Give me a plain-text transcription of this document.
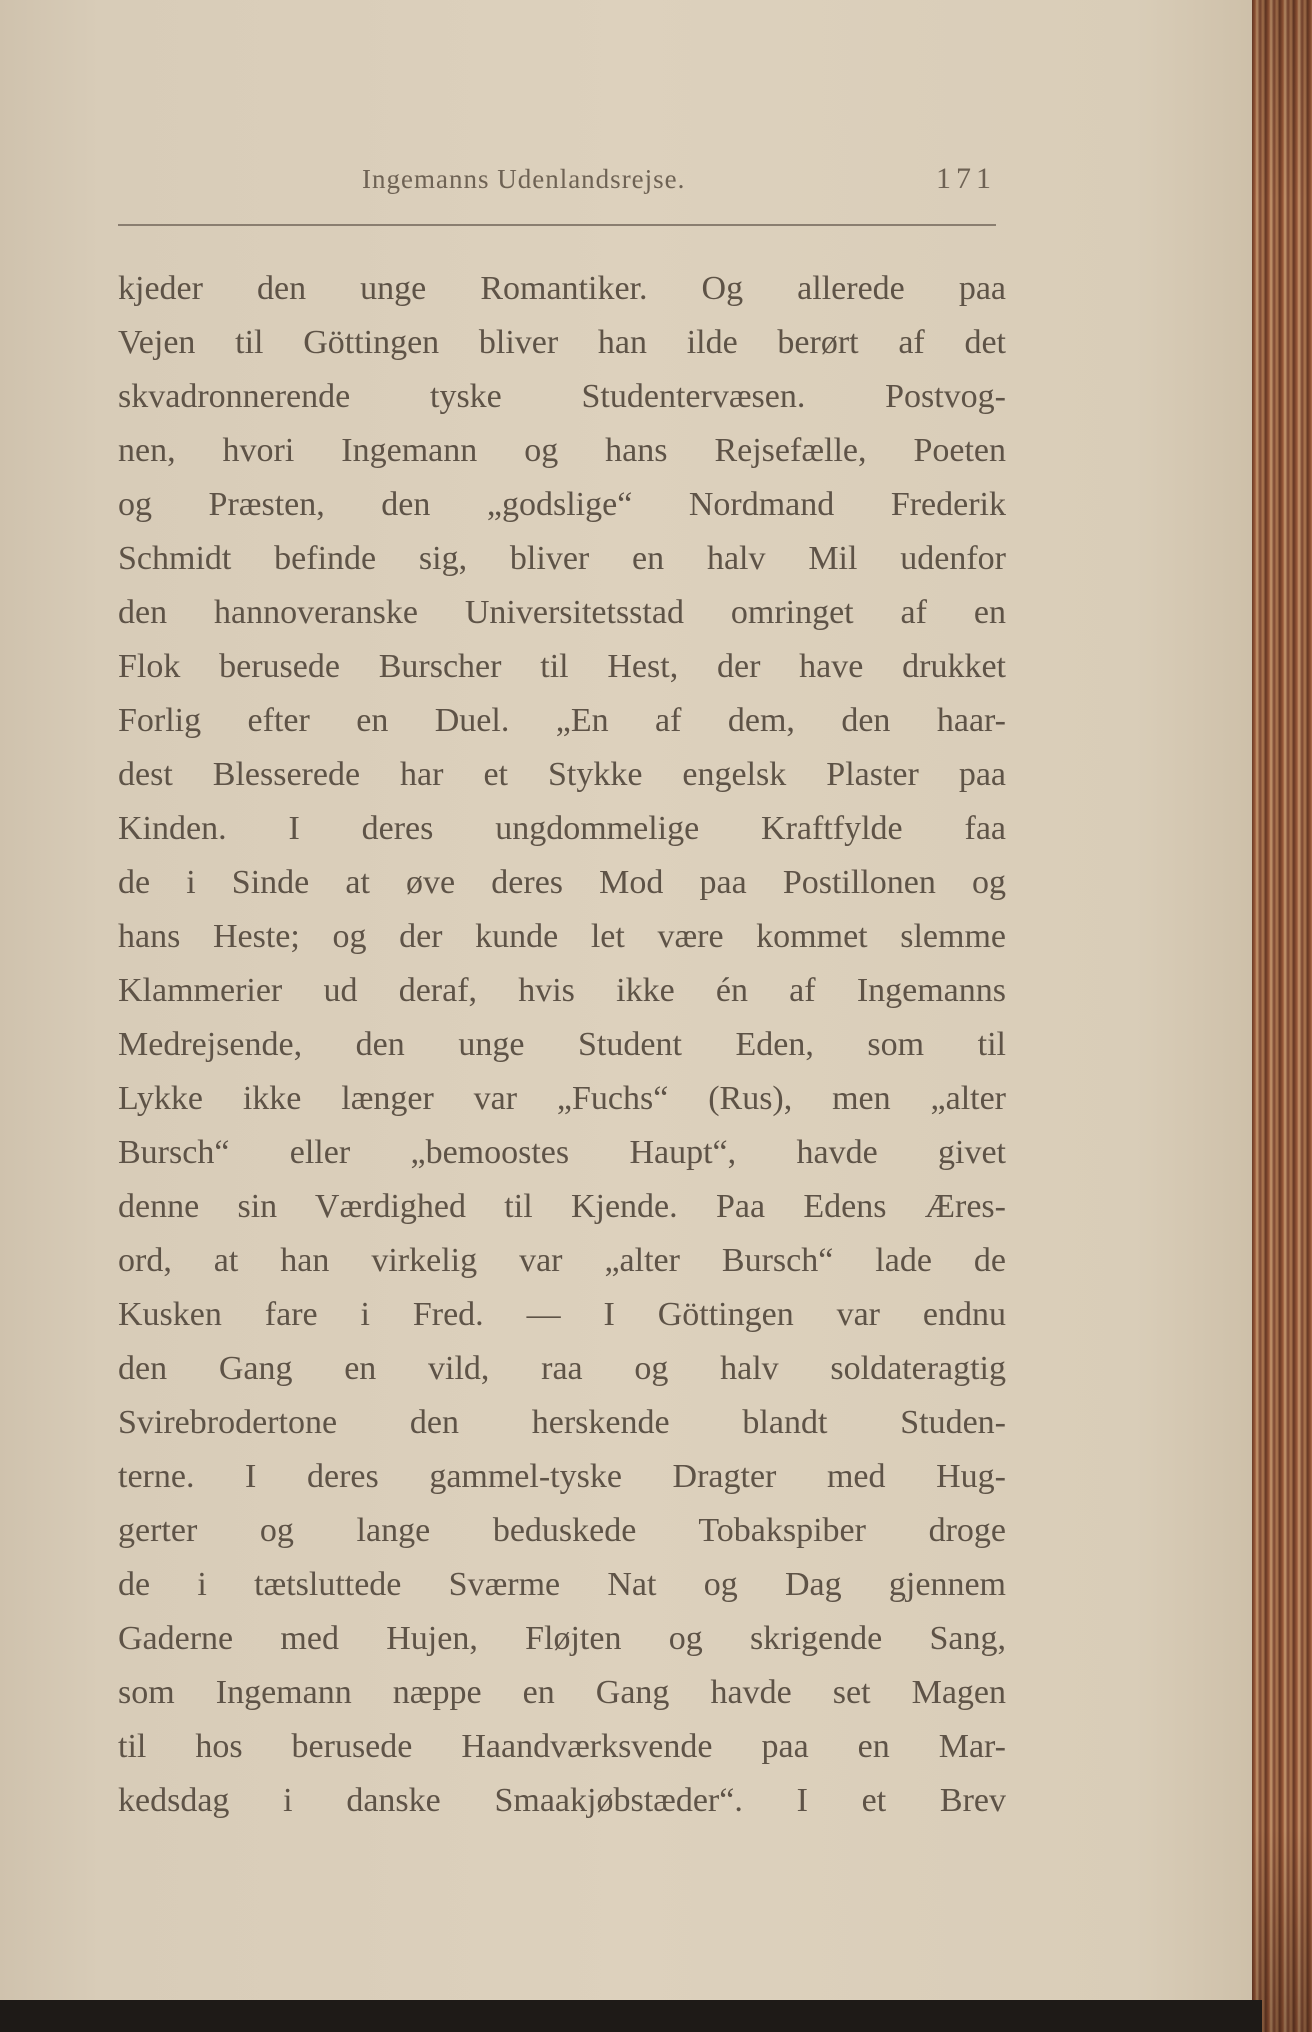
Ingemanns Udenlandsrejse.	171
kjeder den unge Romantiker. Og allerede paa
Vejen til Göttingen bliver han ilde berørt af det
skvadronnerende tyske Studentervæsen. Postvog-
nen, hvori Ingemann og hans Rejsefælle, Poeten
og Præsten, den „godslige“ Nordmand Frederik
Schmidt befinde sig, bliver en halv Mil udenfor
den hannoveranske Universitetsstad omringet af en
Flok berusede Burscher til Hest, der have drukket
Forlig efter en Duel. „En af dem, den haar-
dest Blesserede har et Stykke engelsk Plaster paa
Kinden. I deres ungdommelige Kraftfylde faa
de i Sinde at øve deres Mod paa Postillonen og
hans Heste; og der kunde let være kommet slemme
Klammerier ud deraf, hvis ikke én af Ingemanns
Medrejsende, den unge Student Eden, som til
Lykke ikke længer var „Fuchs“ (Rus), men „alter
Bursch“ eller „bemoostes Haupt“, havde givet
denne sin Værdighed til Kjende. Paa Edens Æres-
ord, at han virkelig var „alter Bursch“ lade de
Kusken fare i Fred. — I Göttingen var endnu
den Gang en vild, raa og halv soldateragtig
Svirebrodertone den herskende blandt Studen-
terne. I deres gammel-tyske Dragter med Hug-
gerter og lange beduskede Tobakspiber droge
de i tætsluttede Sværme Nat og Dag gjennem
Gaderne med Hujen, Fløjten og skrigende Sang,
som Ingemann næppe en Gang havde set Magen
til hos berusede Haandværksvende paa en Mar-
kedsdag i danske Smaakjøbstæder“. I et Brev
